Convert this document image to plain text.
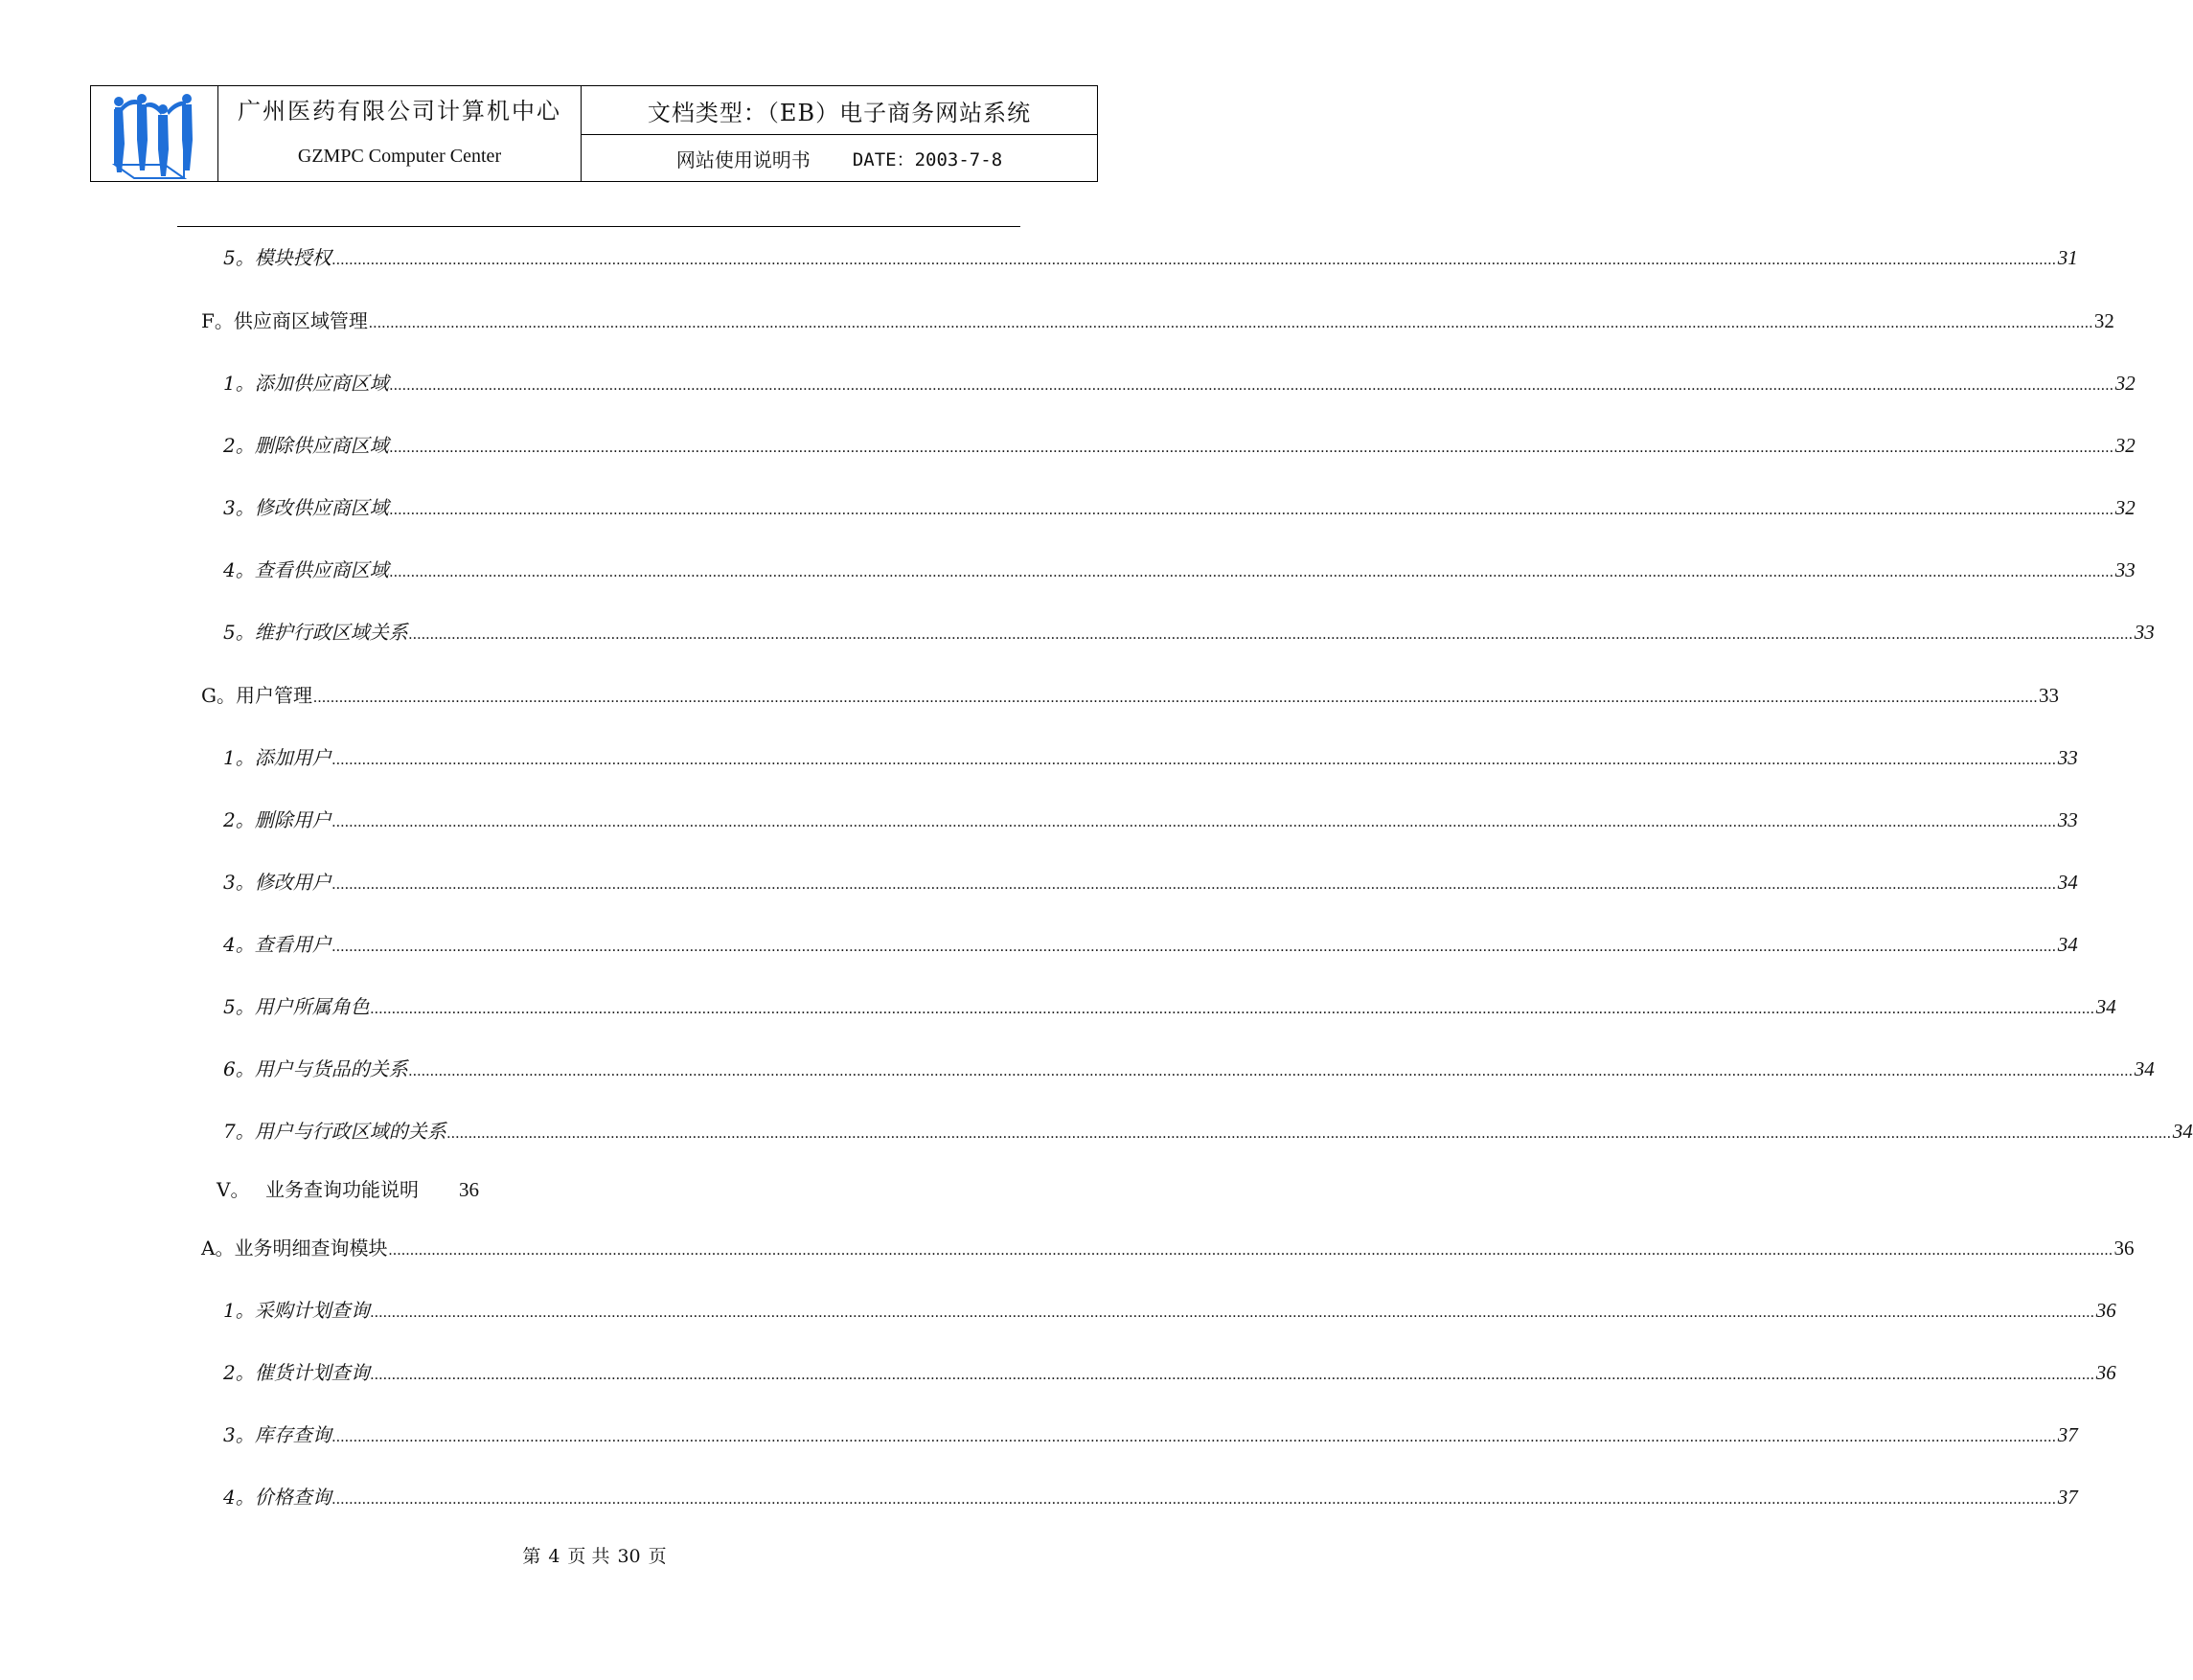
广州医药有限公司计算机中心
GZMPC Computer Center
文档类型：（EB）电子商务网站系统
网站使用说明书 DATE：2003-7-8
5。 模块授权 ................................................................................................................................................................................................................................................................................................................................................................................................................ 31
F。 供应商区域管理 ................................................................................................................................................................................................................................................................................................................................................................................................................ 32
1。 添加供应商区域 ................................................................................................................................................................................................................................................................................................................................................................................................................ 32
2。 删除供应商区域 ................................................................................................................................................................................................................................................................................................................................................................................................................ 32
3。 修改供应商区域 ................................................................................................................................................................................................................................................................................................................................................................................................................ 32
4。 查看供应商区域 ................................................................................................................................................................................................................................................................................................................................................................................................................ 33
5。 维护行政区域关系 ................................................................................................................................................................................................................................................................................................................................................................................................................ 33
G。 用户管理 ................................................................................................................................................................................................................................................................................................................................................................................................................ 33
1。 添加用户 ................................................................................................................................................................................................................................................................................................................................................................................................................ 33
2。 删除用户 ................................................................................................................................................................................................................................................................................................................................................................................................................ 33
3。 修改用户 ................................................................................................................................................................................................................................................................................................................................................................................................................ 34
4。 查看用户 ................................................................................................................................................................................................................................................................................................................................................................................................................ 34
5。 用户所属角色 ................................................................................................................................................................................................................................................................................................................................................................................................................ 34
6。 用户与货品的关系 ................................................................................................................................................................................................................................................................................................................................................................................................................ 34
7。 用户与行政区域的关系 ................................................................................................................................................................................................................................................................................................................................................................................................................ 34
V。 业务查询功能说明 36
A。 业务明细查询模块 ................................................................................................................................................................................................................................................................................................................................................................................................................ 36
1。 采购计划查询 ................................................................................................................................................................................................................................................................................................................................................................................................................ 36
2。 催货计划查询 ................................................................................................................................................................................................................................................................................................................................................................................................................ 36
3。 库存查询 ................................................................................................................................................................................................................................................................................................................................................................................................................ 37
4。 价格查询 ................................................................................................................................................................................................................................................................................................................................................................................................................ 37
第 4 页 共 30 页
